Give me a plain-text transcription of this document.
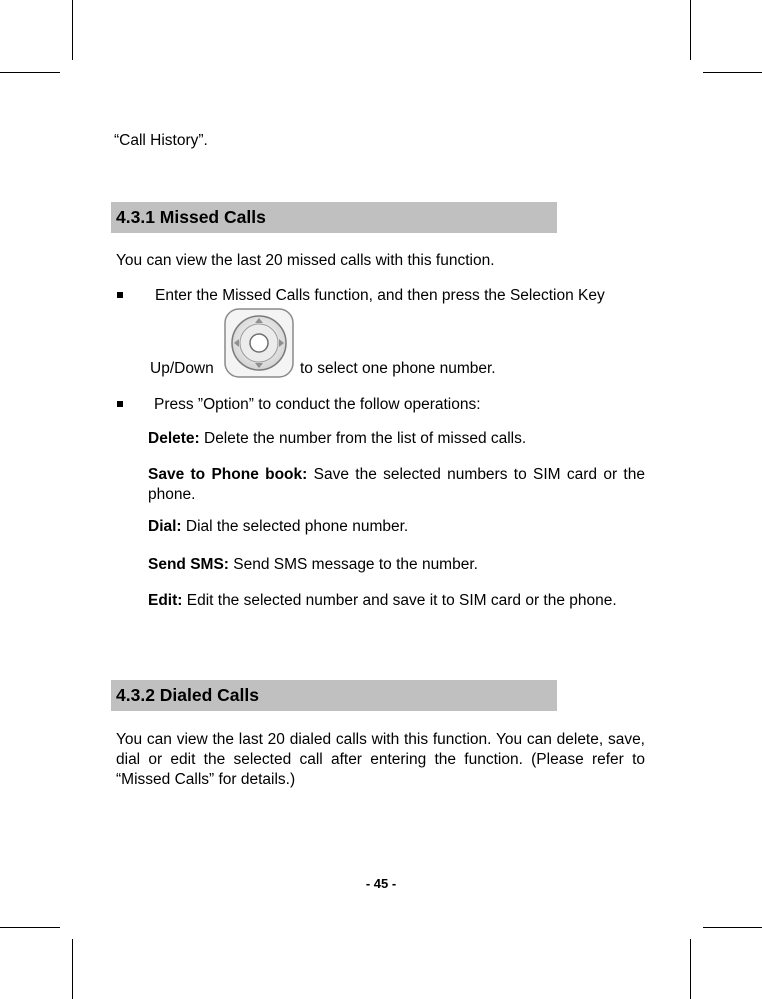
“Call History”.
4.3.1 Missed Calls
You can view the last 20 missed calls with this function.
Enter the Missed Calls function, and then press the Selection Key
Up/Down	to select one phone number.
Press ”Option” to conduct the follow operations:
Delete: Delete the number from the list of missed calls.
Save to Phone book: Save the selected numbers to SIM card or the phone.
Dial: Dial the selected phone number.
Send SMS: Send SMS message to the number.
Edit: Edit the selected number and save it to SIM card or the phone.
4.3.2 Dialed Calls
You can view the last 20 dialed calls with this function. You can delete, save, dial or edit the selected call after entering the function. (Please refer to “Missed Calls” for details.)
- 45 -
